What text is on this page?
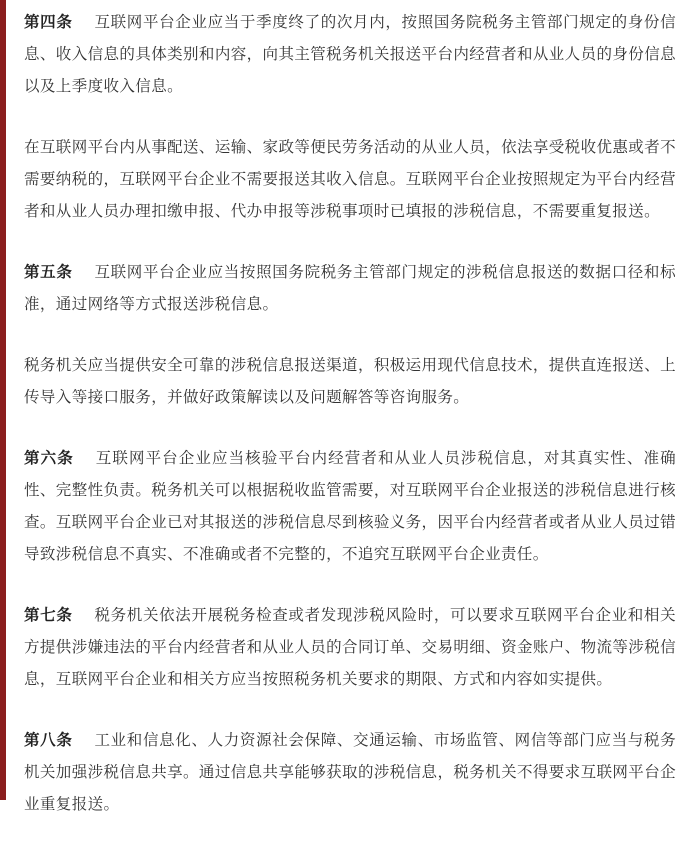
第四条 互联网平台企业应当于季度终了的次月内，按照国务院税务主管部门规定的身份信息、收入信息的具体类别和内容，向其主管税务机关报送平台内经营者和从业人员的身份信息以及上季度收入信息。

在互联网平台内从事配送、运输、家政等便民劳务活动的从业人员，依法享受税收优惠或者不需要纳税的，互联网平台企业不需要报送其收入信息。互联网平台企业按照规定为平台内经营者和从业人员办理扣缴申报、代办申报等涉税事项时已填报的涉税信息，不需要重复报送。

第五条 互联网平台企业应当按照国务院税务主管部门规定的涉税信息报送的数据口径和标准，通过网络等方式报送涉税信息。

税务机关应当提供安全可靠的涉税信息报送渠道，积极运用现代信息技术，提供直连报送、上传导入等接口服务，并做好政策解读以及问题解答等咨询服务。

第六条 互联网平台企业应当核验平台内经营者和从业人员涉税信息，对其真实性、准确性、完整性负责。税务机关可以根据税收监管需要，对互联网平台企业报送的涉税信息进行核查。互联网平台企业已对其报送的涉税信息尽到核验义务，因平台内经营者或者从业人员过错导致涉税信息不真实、不准确或者不完整的，不追究互联网平台企业责任。

第七条 税务机关依法开展税务检查或者发现涉税风险时，可以要求互联网平台企业和相关方提供涉嫌违法的平台内经营者和从业人员的合同订单、交易明细、资金账户、物流等涉税信息，互联网平台企业和相关方应当按照税务机关要求的期限、方式和内容如实提供。

第八条 工业和信息化、人力资源社会保障、交通运输、市场监管、网信等部门应当与税务机关加强涉税信息共享。通过信息共享能够获取的涉税信息，税务机关不得要求互联网平台企业重复报送。
